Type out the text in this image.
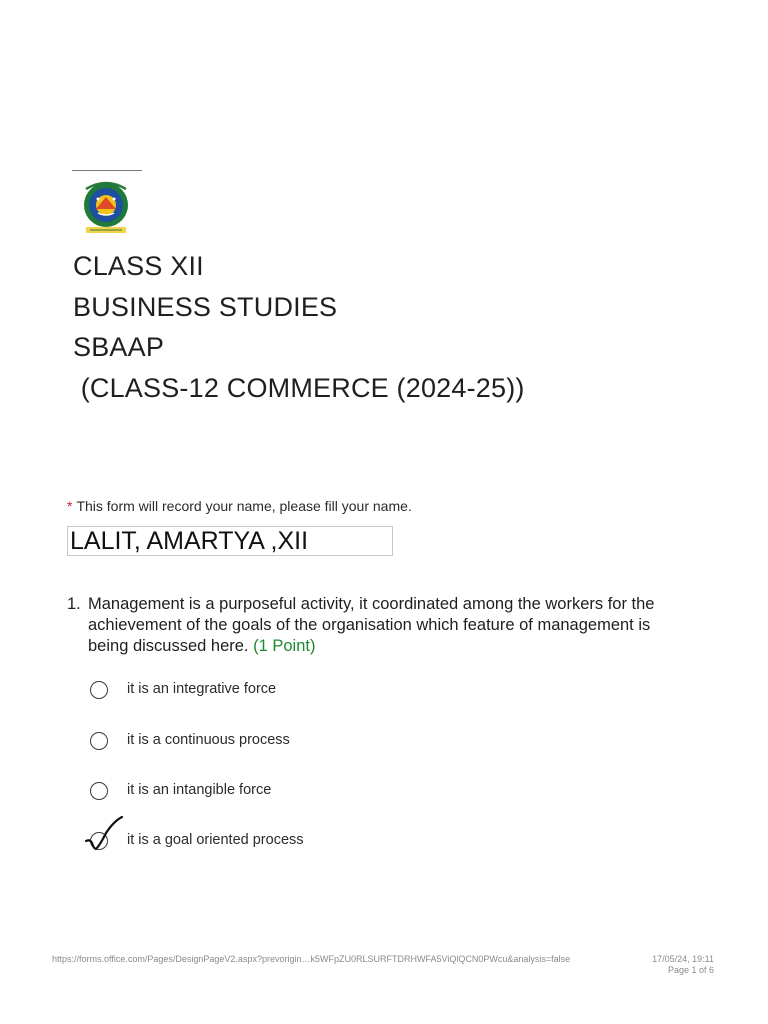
CLASS XII
BUSINESS STUDIES
SBAAP
(CLASS-12 COMMERCE (2024-25))
* This form will record your name, please fill your name.
LALIT, AMARTYA ,XII
1. Management is a purposeful activity, it coordinated among the workers for the achievement of the goals of the organisation which feature of management is being discussed here. (1 Point)
it is an integrative force
it is a continuous process
it is an intangible force
it is a goal oriented process
https://forms.office.com/Pages/DesignPageV2.aspx?prevorigin…k5WFpZU0RLSURFTDRHWFA5ViQlQCN0PWcu&analysis=false	17/05/24, 19:11
Page 1 of 6
